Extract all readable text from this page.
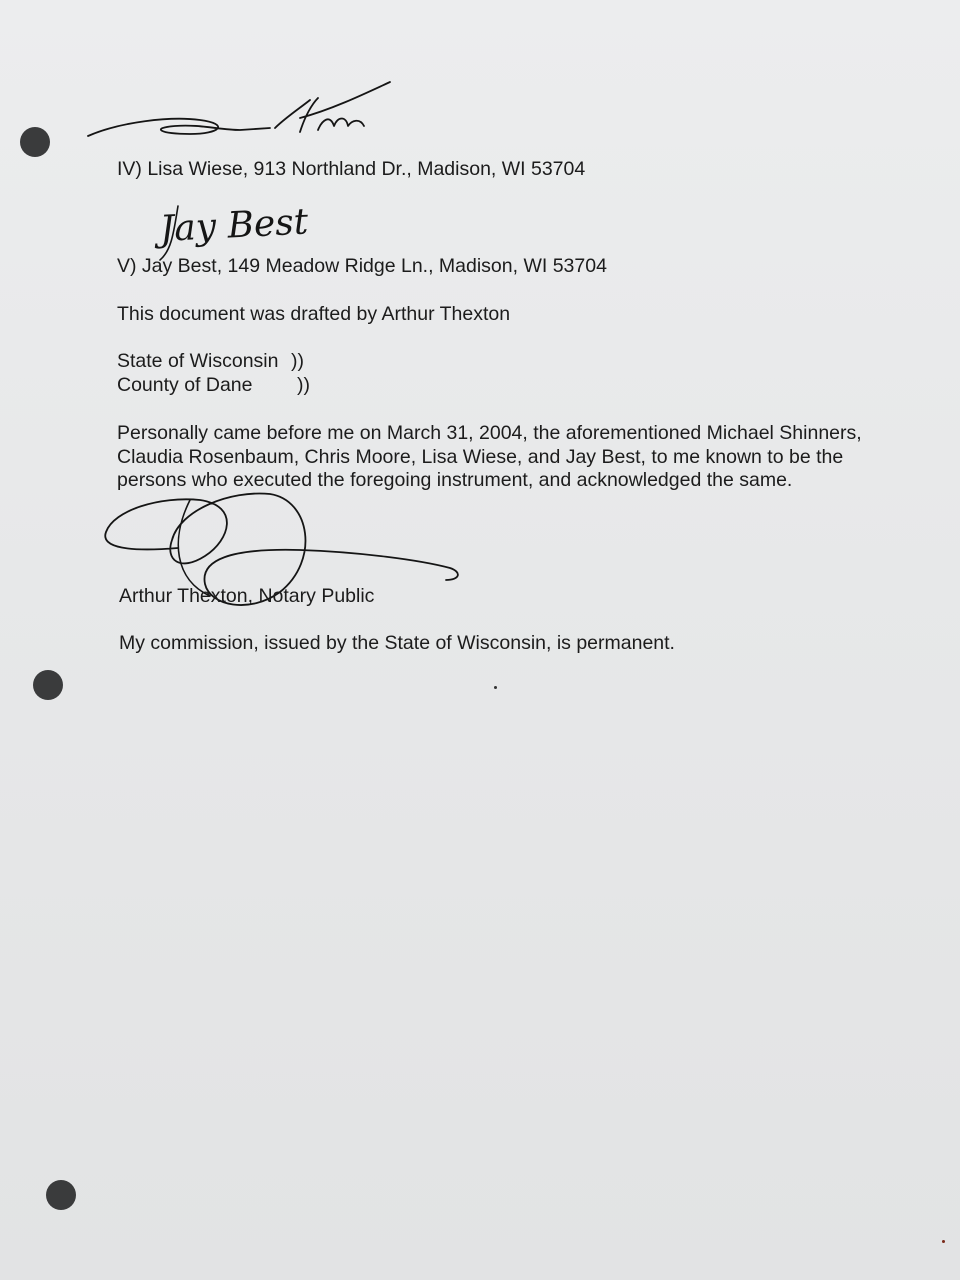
IV) Lisa Wiese, 913 Northland Dr., Madison, WI 53704

Jay Best

V) Jay Best, 149 Meadow Ridge Ln., Madison, WI 53704

This document was drafted by Arthur Thexton

State of Wisconsin ))

County of Dane ))

Personally came before me on March 31, 2004, the aforementioned Michael Shinners, Claudia Rosenbaum, Chris Moore, Lisa Wiese, and Jay Best, to me known to be the persons who executed the foregoing instrument, and acknowledged the same.

Arthur Thexton, Notary Public

My commission, issued by the State of Wisconsin, is permanent.
